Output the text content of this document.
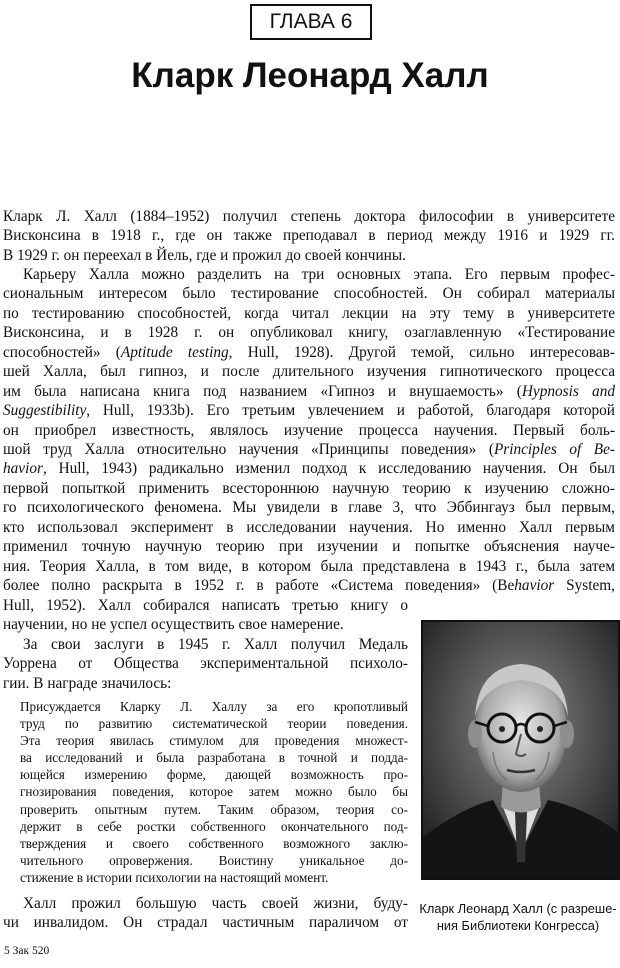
ГЛАВА 6
Кларк Леонард Халл
Кларк Л. Халл (1884–1952) получил степень доктора философии в университете
Висконсина в 1918 г., где он также преподавал в период между 1916 и 1929 гг.
В 1929 г. он переехал в Йель, где и прожил до своей кончины.
Карьеру Халла можно разделить на три основных этапа. Его первым профес-
сиональным интересом было тестирование способностей. Он собирал материалы
по тестированию способностей, когда читал лекции на эту тему в университете
Висконсина, и в 1928 г. он опубликовал книгу, озаглавленную «Тестирование
способностей» (Aptitude testing, Hull, 1928). Другой темой, сильно интересовав-
шей Халла, был гипноз, и после длительного изучения гипнотического процесса
им была написана книга под названием «Гипноз и внушаемость» (Hypnosis and
Suggestibility, Hull, 1933b). Его третьим увлечением и работой, благодаря которой
он приобрел известность, являлось изучение процесса научения. Первый боль-
шой труд Халла относительно научения «Принципы поведения» (Principles of Be-
havior, Hull, 1943) радикально изменил подход к исследованию научения. Он был
первой попыткой применить всестороннюю научную теорию к изучению сложно-
го психологического феномена. Мы увидели в главе 3, что Эббингауз был первым,
кто использовал эксперимент в исследовании научения. Но именно Халл первым
применил точную научную теорию при изучении и попытке объяснения науче-
ния. Теория Халла, в том виде, в котором была представлена в 1943 г., была затем
более полно раскрыта в 1952 г. в работе «Система поведения» (Behavior System,
Hull, 1952). Халл собирался написать третью книгу о
научении, но не успел осуществить свое намерение.
За свои заслуги в 1945 г. Халл получил Медаль
Уоррена от Общества экспериментальной психоло-
гии. В награде значилось:
Присуждается Кларку Л. Халлу за его кропотливый
труд по развитию систематической теории поведения.
Эта теория явилась стимулом для проведения множест-
ва исследований и была разработана в точной и подда-
ющейся измерению форме, дающей возможность про-
гнозирования поведения, которое затем можно было бы
проверить опытным путем. Таким образом, теория со-
держит в себе ростки собственного окончательного под-
тверждения и своего собственного возможного заклю-
чительного опровержения. Воистину уникальное до-
стижение в истории психологии на настоящий момент.
Халл прожил большую часть своей жизни, буду-
чи инвалидом. Он страдал частичным параличом от
Кларк Леонард Халл (с разреше-
ния Библиотеки Конгресса)
5 Зак 520
